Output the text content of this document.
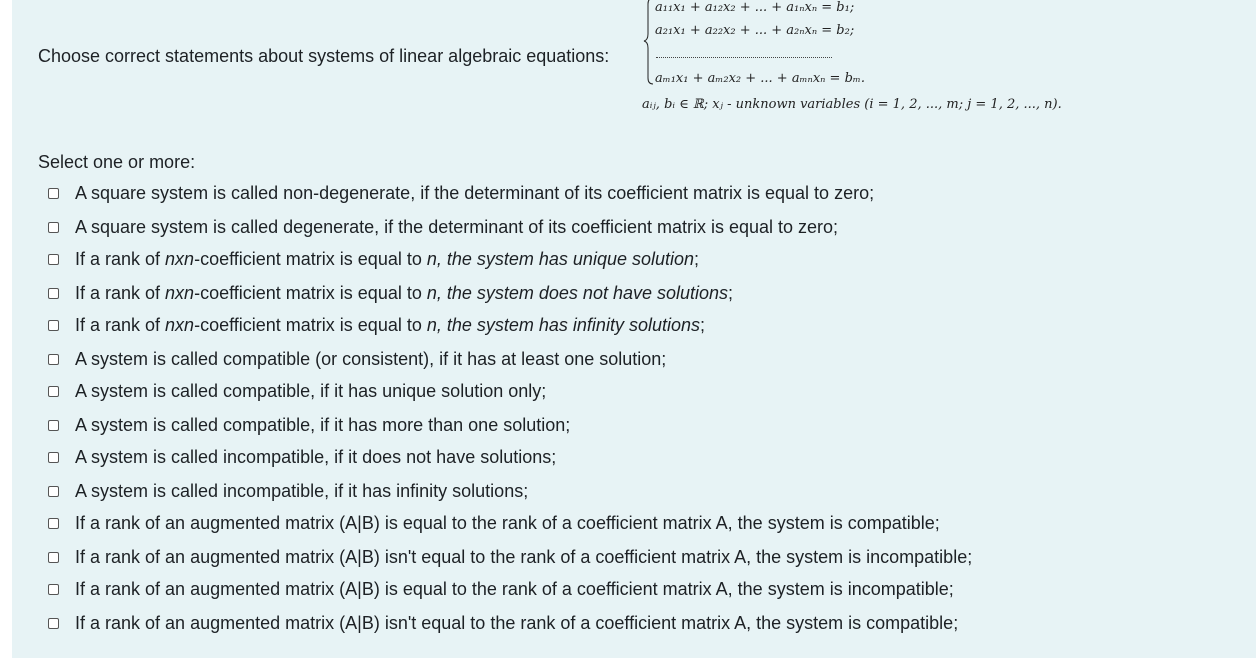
Choose correct statements about systems of linear algebraic equations:
a₁₁x₁ + a₁₂x₂ + ... + a₁ₙxₙ = b₁;
a₂₁x₁ + a₂₂x₂ + ... + a₂ₙxₙ = b₂;
aₘ₁x₁ + aₘ₂x₂ + ... + aₘₙxₙ = bₘ.
aᵢⱼ, bᵢ ∈ ℝ; xⱼ - unknown variables (i = 1, 2, ..., m; j = 1, 2, ..., n).
Select one or more:
A square system is called non-degenerate, if the determinant of its coefficient matrix is equal to zero;
A square system is called degenerate, if the determinant of its coefficient matrix is equal to zero;
If a rank of nxn-coefficient matrix is equal to n, the system has unique solution;
If a rank of nxn-coefficient matrix is equal to n, the system does not have solutions;
If a rank of nxn-coefficient matrix is equal to n, the system has infinity solutions;
A system is called compatible (or consistent), if it has at least one solution;
A system is called compatible, if it has unique solution only;
A system is called compatible, if it has more than one solution;
A system is called incompatible, if it does not have solutions;
A system is called incompatible, if it has infinity solutions;
If a rank of an augmented matrix (A|B) is equal to the rank of a coefficient matrix A, the system is compatible;
If a rank of an augmented matrix (A|B) isn't equal to the rank of a coefficient matrix A, the system is incompatible;
If a rank of an augmented matrix (A|B) is equal to the rank of a coefficient matrix A, the system is incompatible;
If a rank of an augmented matrix (A|B) isn't equal to the rank of a coefficient matrix A, the system is compatible;
